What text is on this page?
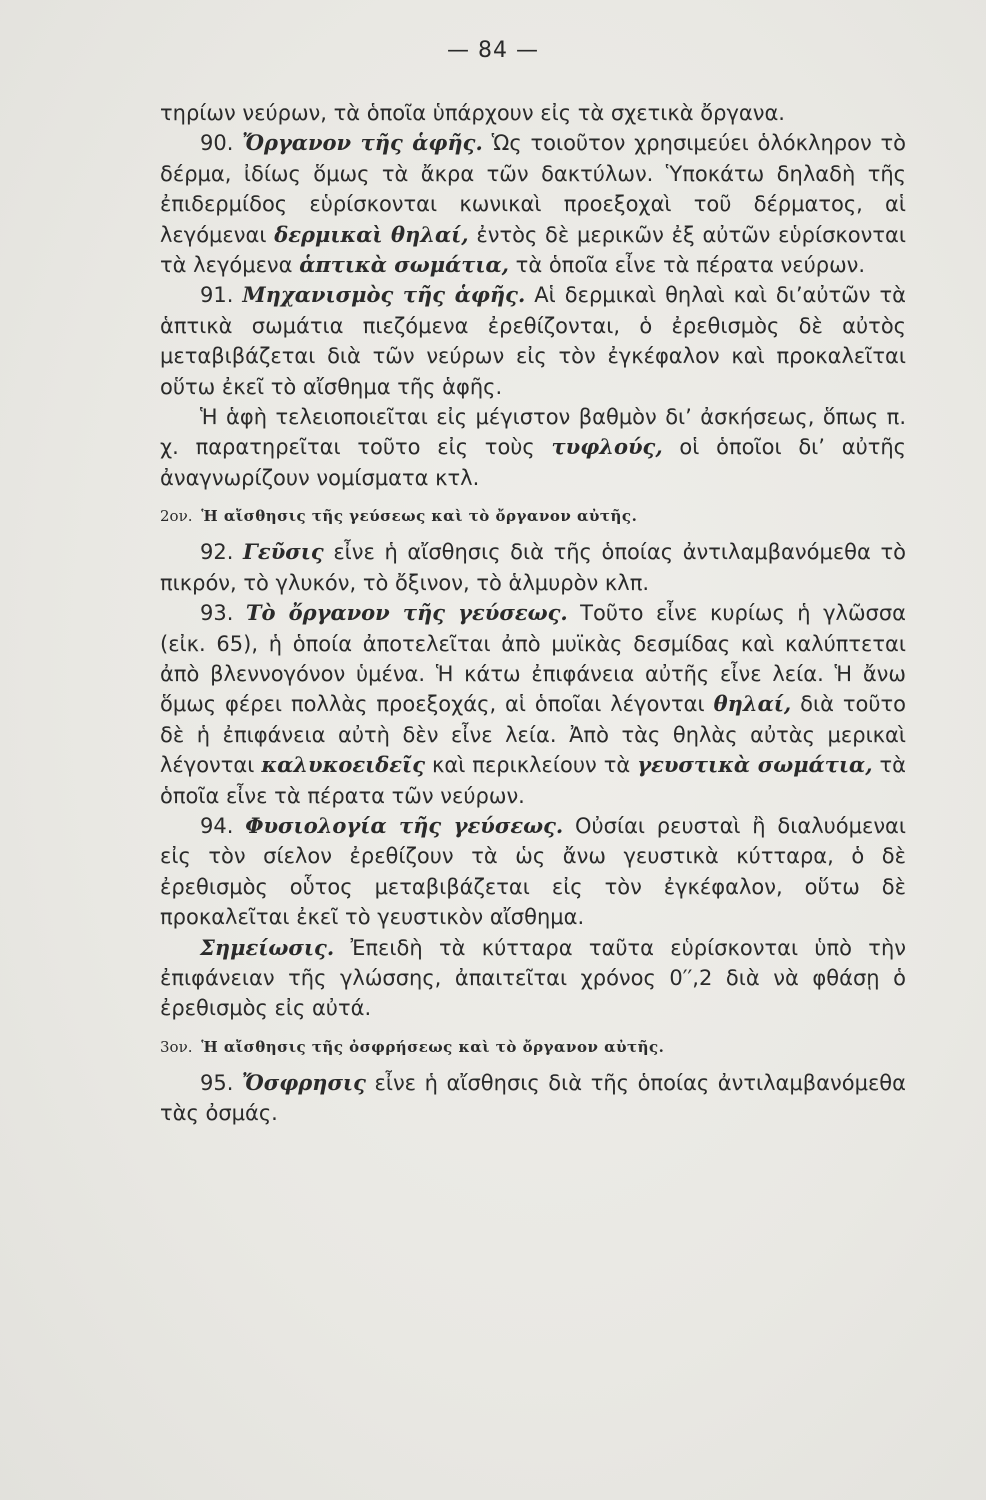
— 84 —

τηρίων νεύρων, τὰ ὁποῖα ὑπάρχουν εἰς τὰ σχετικὰ ὄργανα.

90. Ὄργανον τῆς ἁφῆς. Ὡς τοιοῦτον χρησιμεύει ὁλόκληρον τὸ δέρμα, ἰδίως ὅμως τὰ ἄκρα τῶν δακτύλων. Ὑποκάτω δηλαδὴ τῆς ἐπιδερμίδος εὑρίσκονται κωνικαὶ προεξοχαὶ τοῦ δέρματος, αἱ λεγόμεναι δερμικαὶ θηλαί, ἐντὸς δὲ μερικῶν ἐξ αὐτῶν εὑρίσκονται τὰ λεγόμενα ἁπτικὰ σωμάτια, τὰ ὁποῖα εἶνε τὰ πέρατα νεύρων.

91. Μηχανισμὸς τῆς ἁφῆς. Αἱ δερμικαὶ θηλαὶ καὶ δι’αὐτῶν τὰ ἁπτικὰ σωμάτια πιεζόμενα ἐρεθίζονται, ὁ ἐρεθισμὸς δὲ αὐτὸς μεταβιβάζεται διὰ τῶν νεύρων εἰς τὸν ἐγκέφαλον καὶ προκαλεῖται οὕτω ἐκεῖ τὸ αἴσθημα τῆς ἁφῆς.

Ἡ ἁφὴ τελειοποιεῖται εἰς μέγιστον βαθμὸν δι’ ἀσκήσεως, ὅπως π. χ. παρατηρεῖται τοῦτο εἰς τοὺς τυφλούς, οἱ ὁποῖοι δι’ αὐτῆς ἀναγνωρίζουν νομίσματα κτλ.

2ον. Ἡ αἴσθησις τῆς γεύσεως καὶ τὸ ὄργανον αὐτῆς.

92. Γεῦσις εἶνε ἡ αἴσθησις διὰ τῆς ὁποίας ἀντιλαμβανόμεθα τὸ πικρόν, τὸ γλυκόν, τὸ ὄξινον, τὸ ἁλμυρὸν κλπ.

93. Τὸ ὄργανον τῆς γεύσεως. Τοῦτο εἶνε κυρίως ἡ γλῶσσα (εἰκ. 65), ἡ ὁποία ἀποτελεῖται ἀπὸ μυϊκὰς δεσμίδας καὶ καλύπτεται ἀπὸ βλεννογόνον ὑμένα. Ἡ κάτω ἐπιφάνεια αὐτῆς εἶνε λεία. Ἡ ἄνω ὅμως φέρει πολλὰς προεξοχάς, αἱ ὁποῖαι λέγονται θηλαί, διὰ τοῦτο δὲ ἡ ἐπιφάνεια αὐτὴ δὲν εἶνε λεία. Ἀπὸ τὰς θηλὰς αὐτὰς μερικαὶ λέγονται καλυκοειδεῖς καὶ περικλείουν τὰ γευστικὰ σωμάτια, τὰ ὁποῖα εἶνε τὰ πέρατα τῶν νεύρων.

94. Φυσιολογία τῆς γεύσεως. Οὐσίαι ρευσταὶ ἢ διαλυόμεναι εἰς τὸν σίελον ἐρεθίζουν τὰ ὡς ἄνω γευστικὰ κύτταρα, ὁ δὲ ἐρεθισμὸς οὗτος μεταβιβάζεται εἰς τὸν ἐγκέφαλον, οὕτω δὲ προκαλεῖται ἐκεῖ τὸ γευστικὸν αἴσθημα.

Σημείωσις. Ἐπειδὴ τὰ κύτταρα ταῦτα εὑρίσκονται ὑπὸ τὴν ἐπιφάνειαν τῆς γλώσσης, ἀπαιτεῖται χρόνος 0′′,2 διὰ νὰ φθάσῃ ὁ ἐρεθισμὸς εἰς αὐτά.

3ον. Ἡ αἴσθησις τῆς ὀσφρήσεως καὶ τὸ ὄργανον αὐτῆς.

95. Ὄσφρησις εἶνε ἡ αἴσθησις διὰ τῆς ὁποίας ἀντιλαμβανόμεθα τὰς ὀσμάς.
